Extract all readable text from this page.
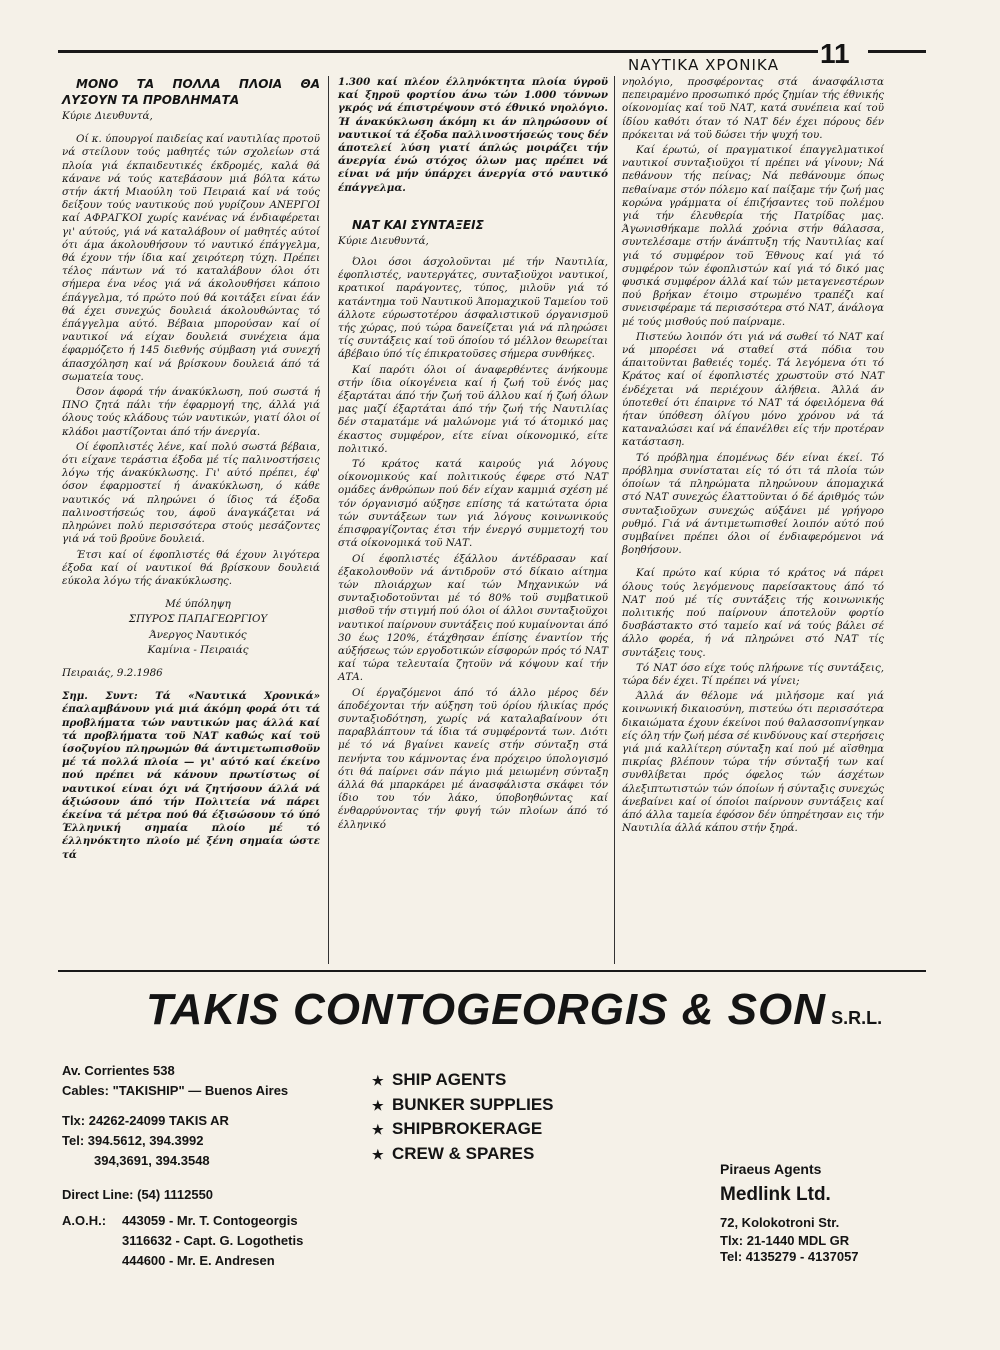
ΝΑΥΤΙΚΑ ΧΡΟΝΙΚΑ 11

ΜΟΝΟ ΤΑ ΠΟΛΛΑ ΠΛΟΙΑ ΘΑ ΛΥΣΟΥΝ ΤΑ ΠΡΟΒΛΗΜΑΤΑ

Κύριε Διευθυντά,

Οί κ. ύπουργοί παιδείας καί ναυτιλίας προτοϋ νά στείλουν τούς μαθητές τών σχολείων στά πλοία γιά έκπαιδευτικές έκδρομές, καλά θά κάνανε νά τούς κατεβάσουν μιά βόλτα κάτω στήν άκτή Μιαούλη τοϋ Πειραιά καί νά τούς δείξουν τούς ναυτικούς πού γυρίζουν ΑΝΕΡΓΟΙ καί ΑΦΡΑΓΚΟΙ χωρίς κανένας νά ένδιαφέρεται γι' αύτούς, γιά νά καταλάβουν οί μαθητές αύτοί ότι άμα άκολουθήσουν τό ναυτικό έπάγγελμα, θά έχουν τήν ίδια καί χειρότερη τύχη. Πρέπει τέλος πάντων νά τό καταλάβουν όλοι ότι σήμερα ένα νέος γιά νά άκολουθήσει κάποιο έπάγγελμα, τό πρώτο πού θά κοιτάξει είναι έάν θά έχει συνεχώς δουλειά άκολουθώντας τό έπάγγελμα αύτό. Βέβαια μπορούσαν καί οί ναυτικοί νά είχαν δουλειά συνέχεια άμα έφαρμόζετο ή 145 διεθνής σύμβαση γιά συνεχή άπασχόληση καί νά βρίσκουν δουλειά άπό τά σωματεία τους.

Όσον άφορά τήν άνακύκλωση, πού σωστά ή ΠΝΟ ζητά πάλι τήν έφαρμογή της, άλλά γιά όλους τούς κλάδους τών ναυτικών, γιατί όλοι οί κλάδοι μαστίζονται άπό τήν άνεργία.

Οί έφοπλιστές λένε, καί πολύ σωστά βέβαια, ότι είχανε τεράστια έξοδα μέ τίς παλινοστήσεις λόγω τής άνακύκλωσης. Γι' αύτό πρέπει, έφ' όσον έφαρμοστεί ή άνακύκλωση, ό κάθε ναυτικός νά πληρώνει ό ίδιος τά έξοδα παλινοστήσεώς του, άφοϋ άναγκάζεται νά πληρώνει πολύ περισσότερα στούς μεσάζοντες γιά νά τοϋ βροϋνε δουλειά.

Έτσι καί οί έφοπλιστές θά έχουν λιγότερα έξοδα καί οί ναυτικοί θά βρίσκουν δουλειά εύκολα λόγω τής άνακύκλωσης.

Μέ ύπόληψη

ΣΠΥΡΟΣ ΠΑΠΑΓΕΩΡΓΙΟΥ

Άνεργος Ναυτικός

Καμίνια - Πειραιάς

Πειραιάς, 9.2.1986

Σημ. Συντ: Τά «Ναυτικά Χρονικά» έπαλαμβάνουν γιά μιά άκόμη φορά ότι τά προβλήματα τών ναυτικών μας άλλά καί τά προβλήματα τοϋ ΝΑΤ καθώς καί τοϋ ίσοζυγίου πληρωμών θά άντιμετωπισθοϋν μέ τά πολλά πλοία — γι' αύτό καί έκείνο πού πρέπει νά κάνουν πρωτίστως οί ναυτικοί είναι όχι νά ζητήσουν άλλά νά άξιώσουν άπό τήν Πολιτεία νά πάρει έκείνα τά μέτρα πού θά έξισώσουν τό ύπό Έλληνική σημαία πλοίο μέ τό έλληνόκτητο πλοίο μέ ξένη σημαία ώστε τά

1.300 καί πλέον έλληνόκτητα πλοία ύγροϋ καί ξηροϋ φορτίου άνω τών 1.000 τόννων γκρός νά έπιστρέψουν στό έθνικό νηολόγιο. Ή άνακύκλωση άκόμη κι άν πληρώσουν οί ναυτικοί τά έξοδα παλλινοστήσεώς τους δέν άποτελεί λύση γιατί άπλώς μοιράζει τήν άνεργία ένώ στόχος όλων μας πρέπει νά είναι νά μήν ύπάρχει άνεργία στό ναυτικό έπάγγελμα.

ΝΑΤ ΚΑΙ ΣΥΝΤΑΞΕΙΣ

Κύριε Διευθυντά,

Όλοι όσοι άσχολοϋνται μέ τήν Ναυτιλία, έφοπλιστές, ναυτεργάτες, συνταξιοϋχοι ναυτικοί, κρατικοί παράγοντες, τύπος, μιλοϋν γιά τό κατάντημα τοϋ Ναυτικοϋ Άπομαχικοϋ Ταμείου τοϋ άλλοτε εύρωστοτέρου άσφαλιστικοϋ όργανισμοϋ τής χώρας, πού τώρα δανείζεται γιά νά πληρώσει τίς συντάξεις καί τοϋ όποίου τό μέλλον θεωρείται άβέβαιο ύπό τίς έπικρατοϋσες σήμερα συνθήκες.

Καί παρότι όλοι οί άναφερθέντες άνήκουμε στήν ίδια οίκογένεια καί ή ζωή τοϋ ένός μας έξαρτάται άπό τήν ζωή τοϋ άλλου καί ή ζωή όλων μας μαζί έξαρτάται άπό τήν ζωή τής Ναυτιλίας δέν σταματάμε νά μαλώνομε γιά τό άτομικό μας έκαστος συμφέρον, είτε είναι οίκονομικό, είτε πολιτικό.

Τό κράτος κατά καιρούς γιά λόγους οίκονομικούς καί πολιτικούς έφερε στό ΝΑΤ ομάδες άνθρώπων πού δέν είχαν καμμιά σχέση μέ τόν όργανισμό αύξησε επίσης τά κατώτατα όρια τών συντάξεων των γιά λόγους κοινωνικούς έπισφραγίζοντας έτσι τήν ένεργό συμμετοχή του στά οίκονομικά τοϋ ΝΑΤ.

Οί έφοπλιστές έξάλλου άντέδρασαν καί έξακολουθοϋν νά άντιδροϋν στό δίκαιο αίτημα τών πλοιάρχων καί τών Μηχανικών νά συνταξιοδοτοϋνται μέ τό 80% τοϋ συμβατικοϋ μισθοϋ τήν στιγμή πού όλοι οί άλλοι συνταξιοϋχοι ναυτικοί παίρνουν συντάξεις πού κυμαίνονται άπό 30 έως 120%, έτάχθησαν έπίσης έναντίον τής αύξήσεως τών εργοδοτικών είσφορών πρός τό ΝΑΤ καί τώρα τελευταία ζητοϋν νά κόψουν καί τήν ΑΤΑ.

Οί έργαζόμενοι άπό τό άλλο μέρος δέν άποδέχονται τήν αύξηση τοϋ όρίου ήλικίας πρός συνταξιοδότηση, χωρίς νά καταλαβαίνουν ότι παραβλάπτουν τά ίδια τά συμφέροντά των. Διότι μέ τό νά βγαίνει κανείς στήν σύνταξη στά πενήντα του κάμνοντας ένα πρόχειρο ύπολογισμό ότι θά παίρνει σάν πάγιο μιά μειωμένη σύνταξη άλλά θά μπαρκάρει μέ άνασφάλιστα σκάφει τόν ίδιο του τόν λάκο, ύποβοηθώντας καί ένθαρρύνοντας τήν φυγή τών πλοίων άπό τό έλληνικό

νηολόγιο, προσφέροντας στά άνασφάλιστα πεπειραμένο προσωπικό πρός ζημίαν τής έθνικής οίκονομίας καί τοϋ ΝΑΤ, κατά συνέπεια καί τοϋ ίδίου καθότι όταν τό ΝΑΤ δέν έχει πόρους δέν πρόκειται νά τοϋ δώσει τήν ψυχή του.

Καί έρωτώ, οί πραγματικοί έπαγγελματικοί ναυτικοί συνταξιοϋχοι τί πρέπει νά γίνουν; Νά πεθάνουν τής πείνας; Νά πεθάνουμε όπως πεθαίναμε στόν πόλεμο καί παίξαμε τήν ζωή μας κορώνα γράμματα οί έπιζήσαντες τοϋ πολέμου γιά τήν έλευθερία τής Πατρίδας μας. Άγωνισθήκαμε πολλά χρόνια στήν θάλασσα, συντελέσαμε στήν άνάπτυξη τής Ναυτιλίας καί γιά τό συμφέρον τοϋ Έθνους καί γιά τό συμφέρον τών έφοπλιστών καί γιά τό δικό μας φυσικά συμφέρον άλλά καί τών μεταγενεστέρων πού βρήκαν έτοιμο στρωμένο τραπέζι καί συνεισφέραμε τά περισσότερα στό ΝΑΤ, άνάλογα μέ τούς μισθούς πού παίρναμε.

Πιστεύω λοιπόν ότι γιά νά σωθεί τό ΝΑΤ καί νά μπορέσει νά σταθεί στά πόδια του άπαιτοϋνται βαθειές τομές. Τά λεγόμενα ότι τό Κράτος καί οί έφοπλιστές χρωστοϋν στό ΝΑΤ ένδέχεται νά περιέχουν άλήθεια. Άλλά άν ύποτεθεί ότι έπαιρνε τό ΝΑΤ τά όφειλόμενα θά ήταν ύπόθεση όλίγου μόνο χρόνου νά τά καταναλώσει καί νά έπανέλθει είς τήν προτέραν κατάσταση.

Τό πρόβλημα έπομένως δέν είναι έκεί. Τό πρόβλημα συνίσταται είς τό ότι τά πλοία τών όποίων τά πληρώματα πληρώνουν άπομαχικά στό ΝΑΤ συνεχώς έλαττοϋνται ό δέ άριθμός τών συνταξιοϋχων συνεχώς αύξάνει μέ γρήγορο ρυθμό. Γιά νά άντιμετωπισθεί λοιπόν αύτό πού συμβαίνει πρέπει όλοι οί ένδιαφερόμενοι νά βοηθήσουν.

Καί πρώτο καί κύρια τό κράτος νά πάρει όλους τούς λεγόμενους παρείσακτους άπό τό ΝΑΤ πού μέ τίς συντάξεις τής κοινωνικής πολιτικής πού παίρνουν άποτελοϋν φορτίο δυσβάστακτο στό ταμείο καί νά τούς βάλει σέ άλλο φορέα, ή νά πληρώνει στό ΝΑΤ τίς συντάξεις τους.

Τό ΝΑΤ όσο είχε τούς πλήρωνε τίς συντάξεις, τώρα δέν έχει. Τί πρέπει νά γίνει;

Άλλά άν θέλομε νά μιλήσομε καί γιά κοινωνική δικαιοσύνη, πιστεύω ότι περισσότερα δικαιώματα έχουν έκείνοι πού θαλασσοπνίγηκαν είς όλη τήν ζωή μέσα σέ κινδύνους καί στερήσεις γιά μιά καλλίτερη σύνταξη καί πού μέ αϊσθημα πικρίας βλέπουν τώρα τήν σύνταξή των καί συνθλίβεται πρός όφελος τών άσχέτων άλεξιπτωτιστών τών όποίων ή σύνταξις συνεχώς άνεβαίνει καί οί όποίοι παίρνουν συντάξεις καί άπό άλλα ταμεία έφόσον δέν ύπηρέτησαν εις τήν Ναυτιλία άλλά κάπου στήν ξηρά.

TAKIS CONTOGEORGIS & SON S.R.L.
Av. Corrientes 538
Cables: "TAKISHIP" — Buenos Aires
Tlx: 24262-24099 TAKIS AR
Tel: 394.5612, 394.3992
394,3691, 394.3548
Direct Line: (54) 1112550
A.O.H.:	443059 - Mr. T. Contogeorgis
3116632 - Capt. G. Logothetis
444600 - Mr. E. Andresen
★ SHIP AGENTS
★ BUNKER SUPPLIES
★ SHIPBROKERAGE
★ CREW & SPARES
Piraeus Agents
Medlink Ltd.
72, Kolokotroni Str.
Tlx: 21-1440 MDL GR
Tel: 4135279 - 4137057
